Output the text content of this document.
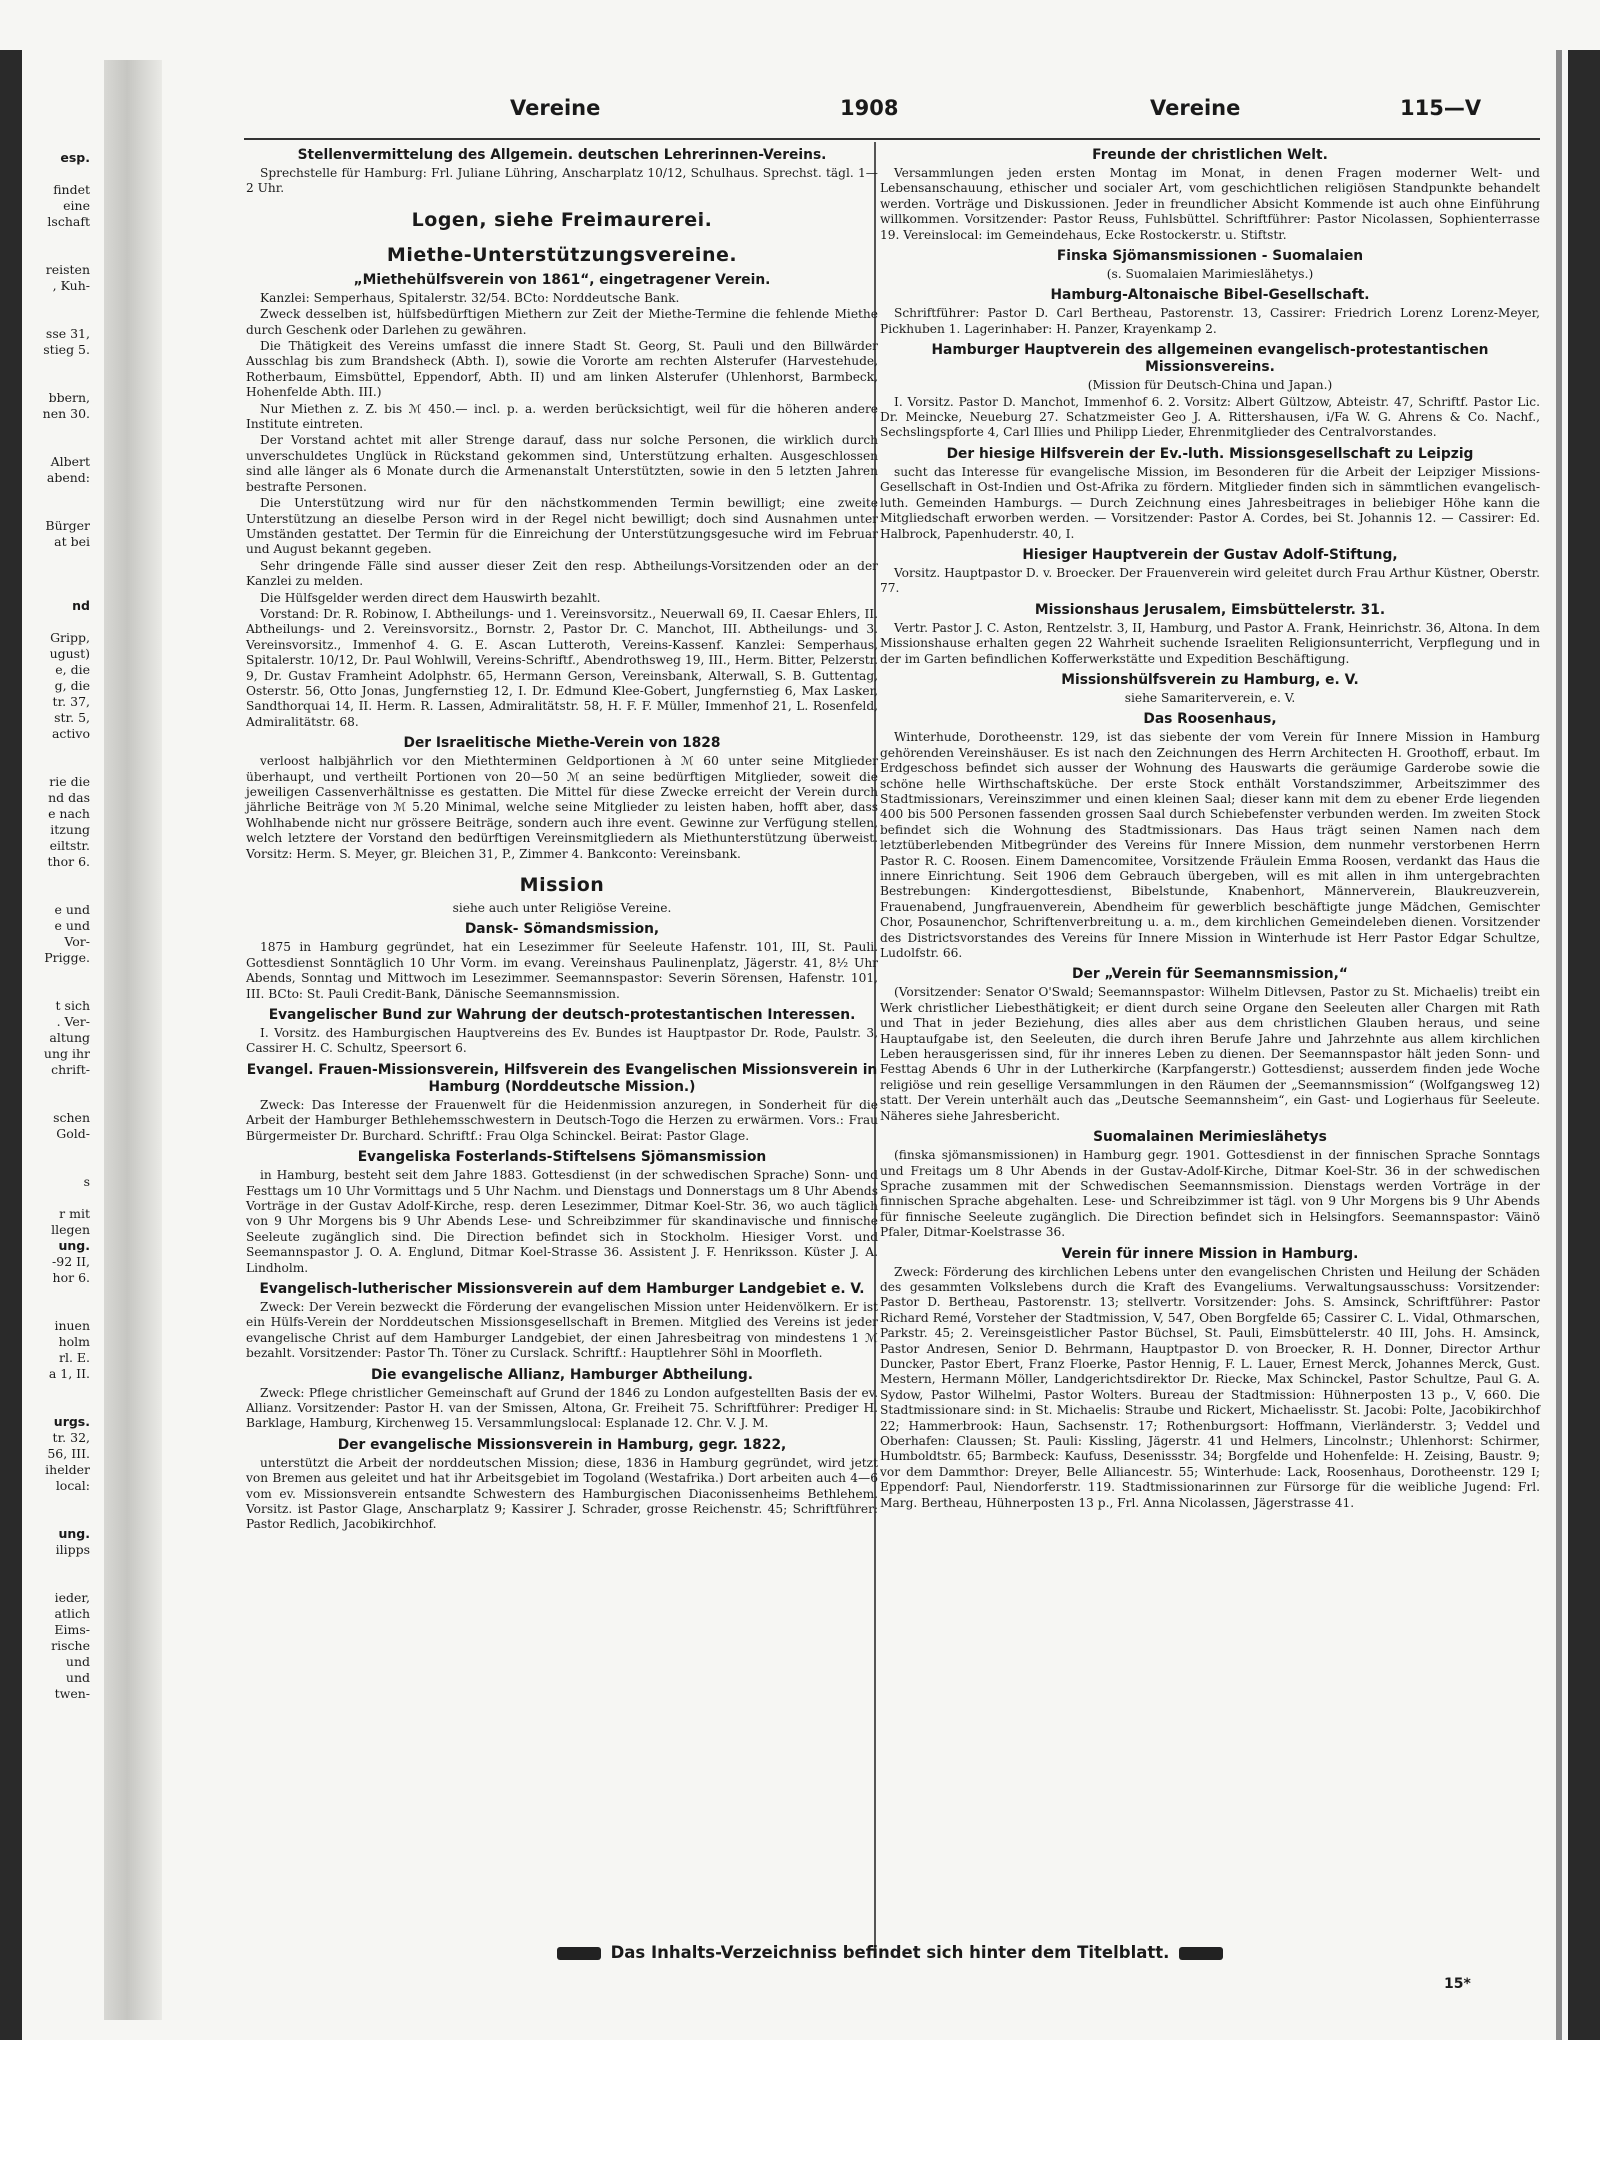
esp.

findet
eine
lschaft

reisten
, Kuh-

sse 31,
stieg 5.

bbern,
nen 30.

Albert
abend:

Bürger
at bei

nd

Gripp,
ugust)
e, die
g, die
tr. 37,
str. 5,
activo

rie die
nd das
e nach
itzung
eiltstr.
thor 6.

e und
e und
Vor-
Prigge.

t sich
. Ver-
altung
ung ihr
chrift-

schen
Gold-

s

r mit
llegen
ung.
-92 II,
hor 6.

inuen
holm
rl. E.
a 1, II.

urgs.
tr. 32,
56, III.
ihelder
local:

ung.
ilipps

ieder,
atlich
Eims-
rische
und
und
twen-
Vereine	1908	Vereine	115—V
Stellenvermittelung des Allgemein. deutschen Lehrerinnen-Vereins.

Sprechstelle für Hamburg: Frl. Juliane Lühring, Anscharplatz 10/12, Schulhaus. Sprechst. tägl. 1—2 Uhr.

Logen, siehe Freimaurerei.
Miethe-Unterstützungsvereine.
„Miethehülfsverein von 1861“, eingetragener Verein.

Kanzlei: Semperhaus, Spitalerstr. 32/54. BCto: Norddeutsche Bank.

Zweck desselben ist, hülfsbedürftigen Miethern zur Zeit der Miethe-Termine die fehlende Miethe durch Geschenk oder Darlehen zu gewähren.

Die Thätigkeit des Vereins umfasst die innere Stadt St. Georg, St. Pauli und den Billwärder Ausschlag bis zum Brandsheck (Abth. I), sowie die Vororte am rechten Alsterufer (Harvestehude, Rotherbaum, Eimsbüttel, Eppendorf, Abth. II) und am linken Alsterufer (Uhlenhorst, Barmbeck, Hohenfelde Abth. III.)

Nur Miethen z. Z. bis ℳ 450.— incl. p. a. werden berücksichtigt, weil für die höheren andere Institute eintreten.

Der Vorstand achtet mit aller Strenge darauf, dass nur solche Personen, die wirklich durch unverschuldetes Unglück in Rückstand gekommen sind, Unterstützung erhalten. Ausgeschlossen sind alle länger als 6 Monate durch die Armenanstalt Unterstützten, sowie in den 5 letzten Jahren bestrafte Personen.

Die Unterstützung wird nur für den nächstkommenden Termin bewilligt; eine zweite Unterstützung an dieselbe Person wird in der Regel nicht bewilligt; doch sind Ausnahmen unter Umständen gestattet. Der Termin für die Einreichung der Unterstützungsgesuche wird im Februar und August bekannt gegeben.

Sehr dringende Fälle sind ausser dieser Zeit den resp. Abtheilungs-Vorsitzenden oder an der Kanzlei zu melden.

Die Hülfsgelder werden direct dem Hauswirth bezahlt.

Vorstand: Dr. R. Robinow, I. Abtheilungs- und 1. Vereinsvorsitz., Neuerwall 69, II. Caesar Ehlers, II. Abtheilungs- und 2. Vereinsvorsitz., Bornstr. 2, Pastor Dr. C. Manchot, III. Abtheilungs- und 3. Vereinsvorsitz., Immenhof 4. G. E. Ascan Lutteroth, Vereins-Kassenf. Kanzlei: Semperhaus, Spitalerstr. 10/12, Dr. Paul Wohlwill, Vereins-Schriftf., Abendrothsweg 19, III., Herm. Bitter, Pelzerstr. 9, Dr. Gustav Framheint Adolphstr. 65, Hermann Gerson, Vereinsbank, Alterwall, S. B. Guttentag, Osterstr. 56, Otto Jonas, Jungfernstieg 12, I. Dr. Edmund Klee-Gobert, Jungfernstieg 6, Max Lasker, Sandthorquai 14, II. Herm. R. Lassen, Admiralitätstr. 58, H. F. F. Müller, Immenhof 21, L. Rosenfeld, Admiralitätstr. 68.

Der Israelitische Miethe-Verein von 1828

verloost halbjährlich vor den Miethterminen Geldportionen à ℳ 60 unter seine Mitglieder überhaupt, und vertheilt Portionen von 20—50 ℳ an seine bedürftigen Mitglieder, soweit die jeweiligen Cassenverhältnisse es gestatten. Die Mittel für diese Zwecke erreicht der Verein durch jährliche Beiträge von ℳ 5.20 Minimal, welche seine Mitglieder zu leisten haben, hofft aber, dass Wohlhabende nicht nur grössere Beiträge, sondern auch ihre event. Gewinne zur Verfügung stellen, welch letztere der Vorstand den bedürftigen Vereinsmitgliedern als Miethunterstützung überweist. Vorsitz: Herm. S. Meyer, gr. Bleichen 31, P., Zimmer 4. Bankconto: Vereinsbank.

Mission

siehe auch unter Religiöse Vereine.

Dansk- Sömandsmission,

1875 in Hamburg gegründet, hat ein Lesezimmer für Seeleute Hafenstr. 101, III, St. Pauli. Gottesdienst Sonntäglich 10 Uhr Vorm. im evang. Vereinshaus Paulinenplatz, Jägerstr. 41, 8½ Uhr Abends, Sonntag und Mittwoch im Lesezimmer. Seemannspastor: Severin Sörensen, Hafenstr. 101, III. BCto: St. Pauli Credit-Bank, Dänische Seemannsmission.

Evangelischer Bund zur Wahrung der deutsch-protestantischen Interessen.

I. Vorsitz. des Hamburgischen Hauptvereins des Ev. Bundes ist Hauptpastor Dr. Rode, Paulstr. 3, Cassirer H. C. Schultz, Speersort 6.

Evangel. Frauen-Missionsverein, Hilfsverein des Evangelischen Missionsverein in Hamburg (Norddeutsche Mission.)

Zweck: Das Interesse der Frauenwelt für die Heidenmission anzuregen, in Sonderheit für die Arbeit der Hamburger Bethlehemsschwestern in Deutsch-Togo die Herzen zu erwärmen. Vors.: Frau Bürgermeister Dr. Burchard. Schriftf.: Frau Olga Schinckel. Beirat: Pastor Glage.

Evangeliska Fosterlands-Stiftelsens Sjömansmission

in Hamburg, besteht seit dem Jahre 1883. Gottesdienst (in der schwedischen Sprache) Sonn- und Festtags um 10 Uhr Vormittags und 5 Uhr Nachm. und Dienstags und Donnerstags um 8 Uhr Abends Vorträge in der Gustav Adolf-Kirche, resp. deren Lesezimmer, Ditmar Koel-Str. 36, wo auch täglich von 9 Uhr Morgens bis 9 Uhr Abends Lese- und Schreibzimmer für skandinavische und finnische Seeleute zugänglich sind. Die Direction befindet sich in Stockholm. Hiesiger Vorst. und Seemannspastor J. O. A. Englund, Ditmar Koel-Strasse 36. Assistent J. F. Henriksson. Küster J. A. Lindholm.

Evangelisch-lutherischer Missionsverein auf dem Hamburger Landgebiet e. V.

Zweck: Der Verein bezweckt die Förderung der evangelischen Mission unter Heidenvölkern. Er ist ein Hülfs-Verein der Norddeutschen Missionsgesellschaft in Bremen. Mitglied des Vereins ist jeder evangelische Christ auf dem Hamburger Landgebiet, der einen Jahresbeitrag von mindestens 1 ℳ bezahlt. Vorsitzender: Pastor Th. Töner zu Curslack. Schriftf.: Hauptlehrer Söhl in Moorfleth.

Die evangelische Allianz, Hamburger Abtheilung.

Zweck: Pflege christlicher Gemeinschaft auf Grund der 1846 zu London aufgestellten Basis der ev. Allianz. Vorsitzender: Pastor H. van der Smissen, Altona, Gr. Freiheit 75. Schriftführer: Prediger H. Barklage, Hamburg, Kirchenweg 15. Versammlungslocal: Esplanade 12. Chr. V. J. M.

Der evangelische Missionsverein in Hamburg, gegr. 1822,

unterstützt die Arbeit der norddeutschen Mission; diese, 1836 in Hamburg gegründet, wird jetzt von Bremen aus geleitet und hat ihr Arbeitsgebiet im Togoland (Westafrika.) Dort arbeiten auch 4—6 vom ev. Missionsverein entsandte Schwestern des Hamburgischen Diaconissenheims Bethlehem. Vorsitz. ist Pastor Glage, Anscharplatz 9; Kassirer J. Schrader, grosse Reichenstr. 45; Schriftführer: Pastor Redlich, Jacobikirchhof.

Freunde der christlichen Welt.

Versammlungen jeden ersten Montag im Monat, in denen Fragen moderner Welt- und Lebensanschauung, ethischer und socialer Art, vom geschichtlichen religiösen Standpunkte behandelt werden. Vorträge und Diskussionen. Jeder in freundlicher Absicht Kommende ist auch ohne Einführung willkommen. Vorsitzender: Pastor Reuss, Fuhlsbüttel. Schriftführer: Pastor Nicolassen, Sophienterrasse 19. Vereinslocal: im Gemeindehaus, Ecke Rostockerstr. u. Stiftstr.

Finska Sjömansmissionen - Suomalaien

(s. Suomalaien Marimieslähetys.)

Hamburg-Altonaische Bibel-Gesellschaft.

Schriftführer: Pastor D. Carl Bertheau, Pastorenstr. 13, Cassirer: Friedrich Lorenz Lorenz-Meyer, Pickhuben 1. Lagerinhaber: H. Panzer, Krayenkamp 2.

Hamburger Hauptverein des allgemeinen evangelisch-protestantischen Missionsvereins.

(Mission für Deutsch-China und Japan.)

I. Vorsitz. Pastor D. Manchot, Immenhof 6. 2. Vorsitz: Albert Gültzow, Abteistr. 47, Schriftf. Pastor Lic. Dr. Meincke, Neueburg 27. Schatzmeister Geo J. A. Rittershausen, i/Fa W. G. Ahrens & Co. Nachf., Sechslingspforte 4, Carl Illies und Philipp Lieder, Ehrenmitglieder des Centralvorstandes.

Der hiesige Hilfsverein der Ev.-luth. Missionsgesellschaft zu Leipzig

sucht das Interesse für evangelische Mission, im Besonderen für die Arbeit der Leipziger Missions-Gesellschaft in Ost-Indien und Ost-Afrika zu fördern. Mitglieder finden sich in sämmtlichen evangelisch-luth. Gemeinden Hamburgs. — Durch Zeichnung eines Jahresbeitrages in beliebiger Höhe kann die Mitgliedschaft erworben werden. — Vorsitzender: Pastor A. Cordes, bei St. Johannis 12. — Cassirer: Ed. Halbrock, Papenhuderstr. 40, I.

Hiesiger Hauptverein der Gustav Adolf-Stiftung,

Vorsitz. Hauptpastor D. v. Broecker. Der Frauenverein wird geleitet durch Frau Arthur Küstner, Oberstr. 77.

Missionshaus Jerusalem, Eimsbüttelerstr. 31.

Vertr. Pastor J. C. Aston, Rentzelstr. 3, II, Hamburg, und Pastor A. Frank, Heinrichstr. 36, Altona. In dem Missionshause erhalten gegen 22 Wahrheit suchende Israeliten Religionsunterricht, Verpflegung und in der im Garten befindlichen Kofferwerkstätte und Expedition Beschäftigung.

Missionshülfsverein zu Hamburg, e. V.

siehe Samariterverein, e. V.

Das Roosenhaus,

Winterhude, Dorotheenstr. 129, ist das siebente der vom Verein für Innere Mission in Hamburg gehörenden Vereinshäuser. Es ist nach den Zeichnungen des Herrn Architecten H. Groothoff, erbaut. Im Erdgeschoss befindet sich ausser der Wohnung des Hauswarts die geräumige Garderobe sowie die schöne helle Wirthschaftsküche. Der erste Stock enthält Vorstandszimmer, Arbeitszimmer des Stadtmissionars, Vereinszimmer und einen kleinen Saal; dieser kann mit dem zu ebener Erde liegenden 400 bis 500 Personen fassenden grossen Saal durch Schiebefenster verbunden werden. Im zweiten Stock befindet sich die Wohnung des Stadtmissionars. Das Haus trägt seinen Namen nach dem letztüberlebenden Mitbegründer des Vereins für Innere Mission, dem nunmehr verstorbenen Herrn Pastor R. C. Roosen. Einem Damencomitee, Vorsitzende Fräulein Emma Roosen, verdankt das Haus die innere Einrichtung. Seit 1906 dem Gebrauch übergeben, will es mit allen in ihm untergebrachten Bestrebungen: Kindergottesdienst, Bibelstunde, Knabenhort, Männerverein, Blaukreuzverein, Frauenabend, Jungfrauenverein, Abendheim für gewerblich beschäftigte junge Mädchen, Gemischter Chor, Posaunenchor, Schriftenverbreitung u. a. m., dem kirchlichen Gemeindeleben dienen. Vorsitzender des Districtsvorstandes des Vereins für Innere Mission in Winterhude ist Herr Pastor Edgar Schultze, Ludolfstr. 66.

Der „Verein für Seemannsmission,“

(Vorsitzender: Senator O'Swald; Seemannspastor: Wilhelm Ditlevsen, Pastor zu St. Michaelis) treibt ein Werk christlicher Liebesthätigkeit; er dient durch seine Organe den Seeleuten aller Chargen mit Rath und That in jeder Beziehung, dies alles aber aus dem christlichen Glauben heraus, und seine Hauptaufgabe ist, den Seeleuten, die durch ihren Berufe Jahre und Jahrzehnte aus allem kirchlichen Leben herausgerissen sind, für ihr inneres Leben zu dienen. Der Seemannspastor hält jeden Sonn- und Festtag Abends 6 Uhr in der Lutherkirche (Karpfangerstr.) Gottesdienst; ausserdem finden jede Woche religiöse und rein gesellige Versammlungen in den Räumen der „Seemannsmission“ (Wolfgangsweg 12) statt. Der Verein unterhält auch das „Deutsche Seemannsheim“, ein Gast- und Logierhaus für Seeleute. Näheres siehe Jahresbericht.

Suomalainen Merimieslähetys

(finska sjömansmissionen) in Hamburg gegr. 1901. Gottesdienst in der finnischen Sprache Sonntags und Freitags um 8 Uhr Abends in der Gustav-Adolf-Kirche, Ditmar Koel-Str. 36 in der schwedischen Sprache zusammen mit der Schwedischen Seemannsmission. Dienstags werden Vorträge in der finnischen Sprache abgehalten. Lese- und Schreibzimmer ist tägl. von 9 Uhr Morgens bis 9 Uhr Abends für finnische Seeleute zugänglich. Die Direction befindet sich in Helsingfors. Seemannspastor: Väinö Pfaler, Ditmar-Koelstrasse 36.

Verein für innere Mission in Hamburg.

Zweck: Förderung des kirchlichen Lebens unter den evangelischen Christen und Heilung der Schäden des gesammten Volkslebens durch die Kraft des Evangeliums. Verwaltungsausschuss: Vorsitzender: Pastor D. Bertheau, Pastorenstr. 13; stellvertr. Vorsitzender: Johs. S. Amsinck, Schriftführer: Pastor Richard Remé, Vorsteher der Stadtmission, V, 547, Oben Borgfelde 65; Cassirer C. L. Vidal, Othmarschen, Parkstr. 45; 2. Vereinsgeistlicher Pastor Büchsel, St. Pauli, Eimsbüttelerstr. 40 III, Johs. H. Amsinck, Pastor Andresen, Senior D. Behrmann, Hauptpastor D. von Broecker, R. H. Donner, Director Arthur Duncker, Pastor Ebert, Franz Floerke, Pastor Hennig, F. L. Lauer, Ernest Merck, Johannes Merck, Gust. Mestern, Hermann Möller, Landgerichtsdirektor Dr. Riecke, Max Schinckel, Pastor Schultze, Paul G. A. Sydow, Pastor Wilhelmi, Pastor Wolters. Bureau der Stadtmission: Hühnerposten 13 p., V, 660. Die Stadtmissionare sind: in St. Michaelis: Straube und Rickert, Michaelisstr. St. Jacobi: Polte, Jacobikirchhof 22; Hammerbrook: Haun, Sachsenstr. 17; Rothenburgsort: Hoffmann, Vierländerstr. 3; Veddel und Oberhafen: Claussen; St. Pauli: Kissling, Jägerstr. 41 und Helmers, Lincolnstr.; Uhlenhorst: Schirmer, Humboldtstr. 65; Barmbeck: Kaufuss, Desenissstr. 34; Borgfelde und Hohenfelde: H. Zeising, Baustr. 9; vor dem Dammthor: Dreyer, Belle Alliancestr. 55; Winterhude: Lack, Roosenhaus, Dorotheenstr. 129 I; Eppendorf: Paul, Niendorferstr. 119. Stadtmissionarinnen zur Fürsorge für die weibliche Jugend: Frl. Marg. Bertheau, Hühnerposten 13 p., Frl. Anna Nicolassen, Jägerstrasse 41.

Das Inhalts-Verzeichniss befindet sich hinter dem Titelblatt.
15*
